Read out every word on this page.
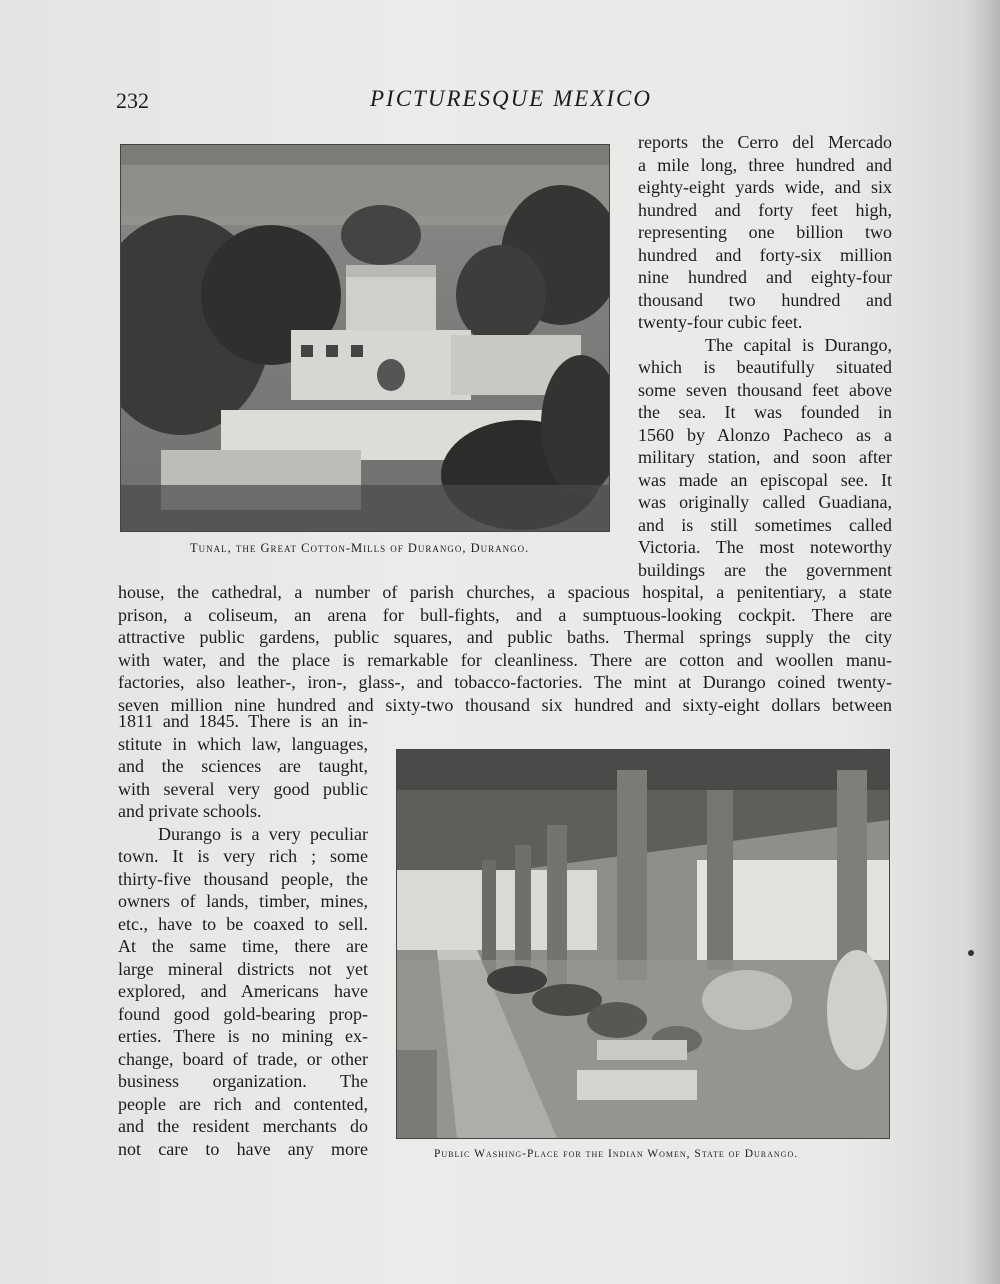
232	PICTURESQUE MEXICO
Tunal, the Great Cotton-Mills of Durango, Durango.
reports the Cerro del Mercado
a mile long, three hundred and
eighty-eight yards wide, and six
hundred and forty feet high,
representing one billion two
hundred and forty-six million
nine hundred and eighty-four
thousand two hundred and
twenty-four cubic feet.
The capital is Durango,
which is beautifully situated
some seven thousand feet above
the sea. It was founded in
1560 by Alonzo Pacheco as a
military station, and soon after
was made an episcopal see. It
was originally called Guadiana,
and is still sometimes called
Victoria. The most noteworthy
buildings are the government
house, the cathedral, a number of parish churches, a spacious hospital, a penitentiary, a state
prison, a coliseum, an arena for bull-fights, and a sumptuous-looking cockpit. There are
attractive public gardens, public squares, and public baths. Thermal springs supply the city
with water, and the place is remarkable for cleanliness. There are cotton and woollen manu-
factories, also leather-, iron-, glass-, and tobacco-factories. The mint at Durango coined twenty-
seven million nine hundred and sixty-two thousand six hundred and sixty-eight dollars between
1811 and 1845. There is an in-
stitute in which law, languages,
and the sciences are taught,
with several very good public
and private schools.
Durango is a very peculiar
town. It is very rich ; some
thirty-five thousand people, the
owners of lands, timber, mines,
etc., have to be coaxed to sell.
At the same time, there are
large mineral districts not yet
explored, and Americans have
found good gold-bearing prop-
erties. There is no mining ex-
change, board of trade, or other
business organization. The
people are rich and contented,
and the resident merchants do
not care to have any more	Public Washing-Place for the Indian Women, State of Durango.
